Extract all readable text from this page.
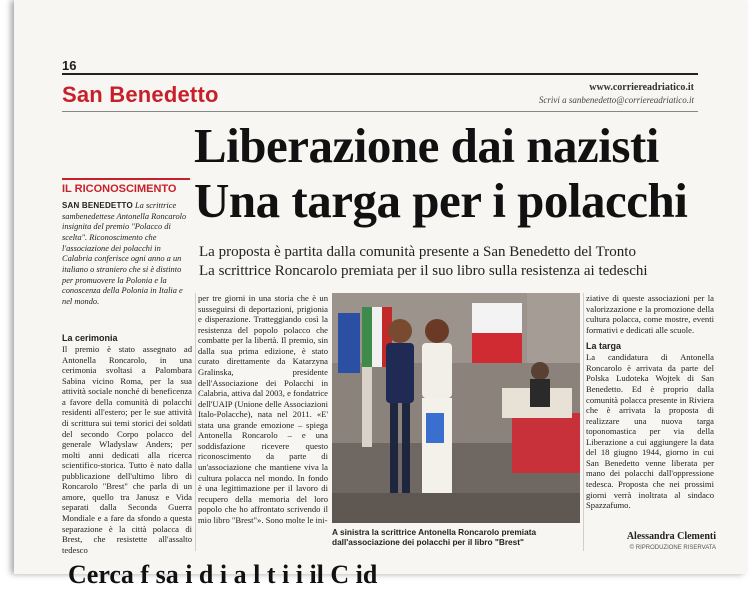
16
San Benedetto	www.corriereadriatico.it
Scrivi a sanbenedetto@corriereadriatico.it
IL RICONOSCIMENTO
Liberazione dai nazisti
Una targa per i polacchi
La proposta è partita dalla comunità presente a San Benedetto del Tronto
La scrittrice Roncarolo premiata per il suo libro sulla resistenza ai tedeschi
SAN BENEDETTO La scrittrice sambenedettese Antonella Roncarolo insignita del premio "Polacco di scelta". Riconoscimento che l'associazione dei polacchi in Calabria conferisce ogni anno a un italiano o straniero che si è distinto per promuovere la Polonia e la conoscenza della Polonia in Italia e nel mondo.
La cerimonia
Il premio è stato assegnato ad Antonella Roncarolo, in una cerimonia svoltasi a Palombara Sabina vicino Roma, per la sua attività sociale nonché di beneficenza a favore della comunità di polacchi residenti all'estero; per le sue attività di scrittura sui temi storici dei soldati del secondo Corpo polacco del generale Wladyslaw Anders; per molti anni dedicati alla ricerca scientifico-storica. Tutto è nato dalla pubblicazione dell'ultimo libro di Roncarolo "Brest" che parla di un amore, quello tra Janusz e Vida separati dalla Seconda Guerra Mondiale e a fare da sfondo a questa separazione è la città polacca di Brest, che resistette all'assalto tedesco
per tre giorni in una storia che è un susseguirsi di deportazioni, prigionia e disperazione. Tratteggiando così la resistenza del popolo polacco che combatte per la libertà. Il premio, sin dalla sua prima edizione, è stato curato direttamente da Katarzyna Gralinska, presidente dell'Associazione dei Polacchi in Calabria, attiva dal 2003, e fondatrice dell'UAIP (Unione delle Associazioni Italo-Polacche), nata nel 2011. «E' stata una grande emozione – spiega Antonella Roncarolo – e una soddisfazione ricevere questo riconoscimento da parte di un'associazione che mantiene viva la cultura polacca nel mondo. In fondo è una legittimazione per il lavoro di recupero della memoria del loro popolo che ho affrontato scrivendo il mio libro "Brest"». Sono molte le ini-
A sinistra la scrittrice Antonella Roncarolo premiata
dall'associazione dei polacchi per il libro "Brest"
ziative di queste associazioni per la valorizzazione e la promozione della cultura polacca, come mostre, eventi formativi e dedicati alle scuole.
La targa
La candidatura di Antonella Roncarolo è arrivata da parte del Polska Ludoteka Wojtek di San Benedetto. Ed è proprio dalla comunità polacca presente in Riviera che è arrivata la proposta di realizzare una nuova targa toponomastica per via della Liberazione a cui aggiungere la data del 18 giugno 1944, giorno in cui San Benedetto venne liberata per mano dei polacchi dall'oppressione tedesca. Proposta che nei prossimi giorni verrà inoltrata al sindaco Spazzafumo.
Alessandra Clementi
© RIPRODUZIONE RISERVATA
Cerca f sa i d i a l t i i il C id
